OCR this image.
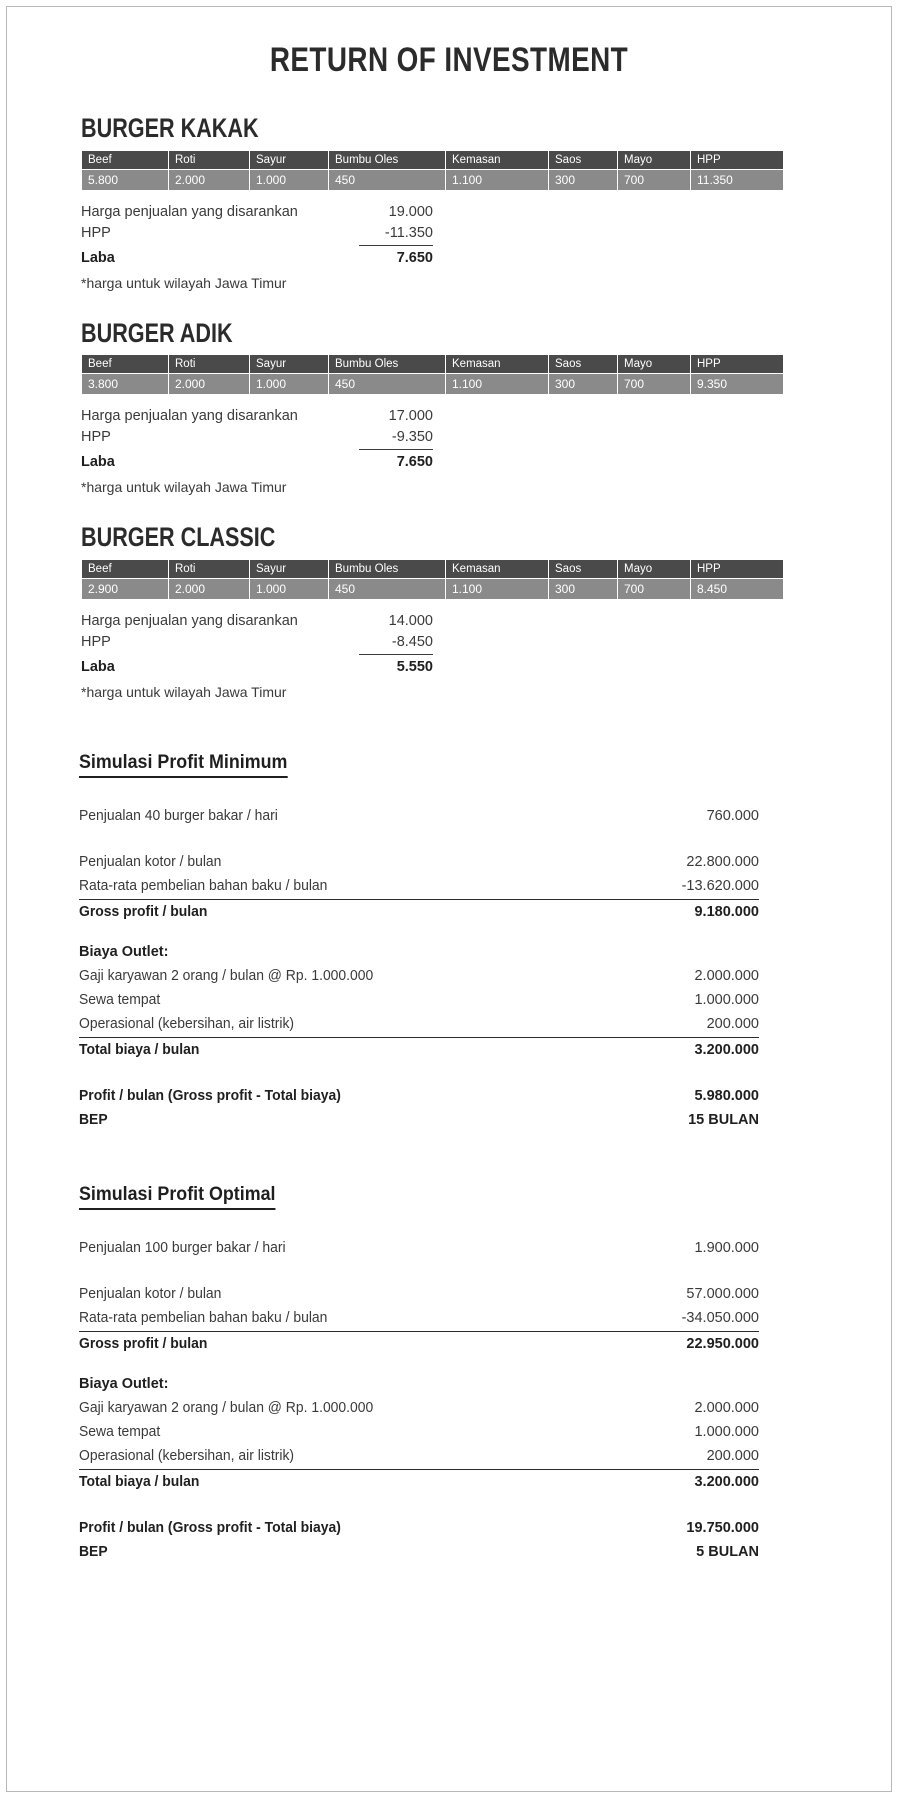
RETURN OF INVESTMENT
BURGER KAKAK
Beef	Roti	Sayur	Bumbu Oles	Kemasan	Saos	Mayo	HPP
5.800	2.000	1.000	450	1.100	300	700	11.350
Harga penjualan yang disarankan	19.000
HPP	-11.350
Laba	7.650
*harga untuk wilayah Jawa Timur
BURGER ADIK
Beef	Roti	Sayur	Bumbu Oles	Kemasan	Saos	Mayo	HPP
3.800	2.000	1.000	450	1.100	300	700	9.350
Harga penjualan yang disarankan	17.000
HPP	-9.350
Laba	7.650
*harga untuk wilayah Jawa Timur
BURGER CLASSIC
Beef	Roti	Sayur	Bumbu Oles	Kemasan	Saos	Mayo	HPP
2.900	2.000	1.000	450	1.100	300	700	8.450
Harga penjualan yang disarankan	14.000
HPP	-8.450
Laba	5.550
*harga untuk wilayah Jawa Timur
Simulasi Profit Minimum
Penjualan 40 burger bakar / hari	760.000
Penjualan kotor / bulan	22.800.000
Rata-rata pembelian bahan baku / bulan	-13.620.000
Gross profit / bulan	9.180.000
Biaya Outlet:
Gaji karyawan 2 orang / bulan @ Rp. 1.000.000	2.000.000
Sewa tempat	1.000.000
Operasional (kebersihan, air listrik)	200.000
Total biaya / bulan	3.200.000
Profit / bulan (Gross profit - Total biaya)	5.980.000
BEP	15 BULAN
Simulasi Profit Optimal
Penjualan 100 burger bakar / hari	1.900.000
Penjualan kotor / bulan	57.000.000
Rata-rata pembelian bahan baku / bulan	-34.050.000
Gross profit / bulan	22.950.000
Biaya Outlet:
Gaji karyawan 2 orang / bulan @ Rp. 1.000.000	2.000.000
Sewa tempat	1.000.000
Operasional (kebersihan, air listrik)	200.000
Total biaya / bulan	3.200.000
Profit / bulan (Gross profit - Total biaya)	19.750.000
BEP	5 BULAN
